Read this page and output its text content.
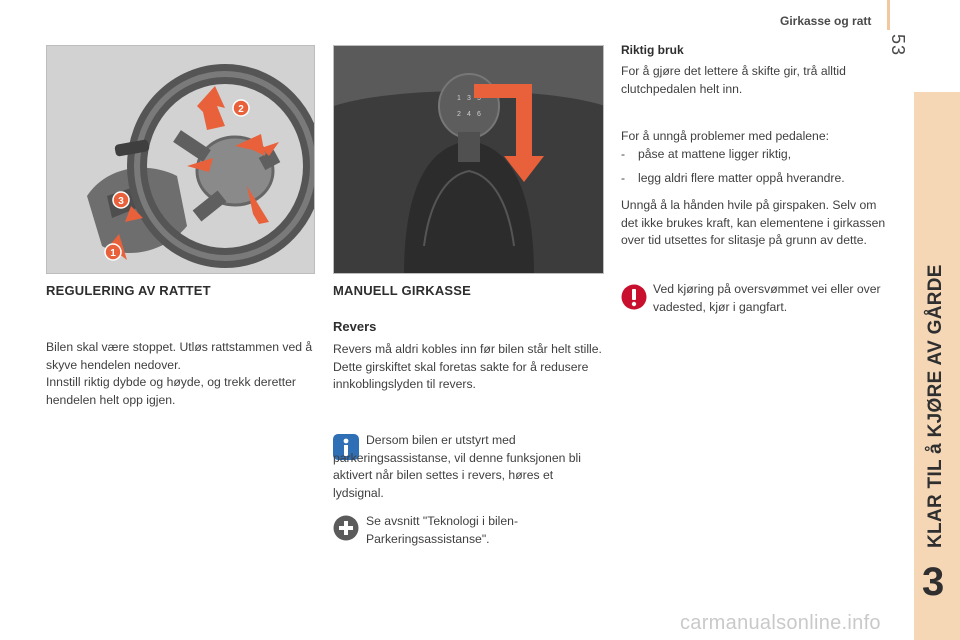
Girkasse og ratt
53
KLAR TIL å KJØRE AV GÅRDE
3
2
3
1
1 3 5
2 4 6
REGULERING AV RATTET

Bilen skal være stoppet. Utløs rattstammen ved å skyve hendelen nedover.

Innstill riktig dybde og høyde, og trekk deretter hendelen helt opp igjen.

MANUELL GIRKASSE
Revers

Revers må aldri kobles inn før bilen står helt stille.

Dette girskiftet skal foretas sakte for å redusere innkoblingslyden til revers.

Dersom bilen er utstyrt med parkeringsassistanse, vil denne funksjonen bli aktivert når bilen settes i revers, høres et lydsignal.
Se avsnitt "Teknologi i bilen- Parkeringsassistanse".
Riktig bruk
For å gjøre det lettere å skifte gir, trå alltid clutchpedalen helt inn.
For å unngå problemer med pedalene:

- påse at mattene ligger riktig,

- legg aldri flere matter oppå hverandre.

Unngå å la hånden hvile på girspaken. Selv om det ikke brukes kraft, kan elementene i girkassen over tid utsettes for slitasje på grunn av dette.
Ved kjøring på oversvømmet vei eller over vadested, kjør i gangfart.
carmanualsonline.info
